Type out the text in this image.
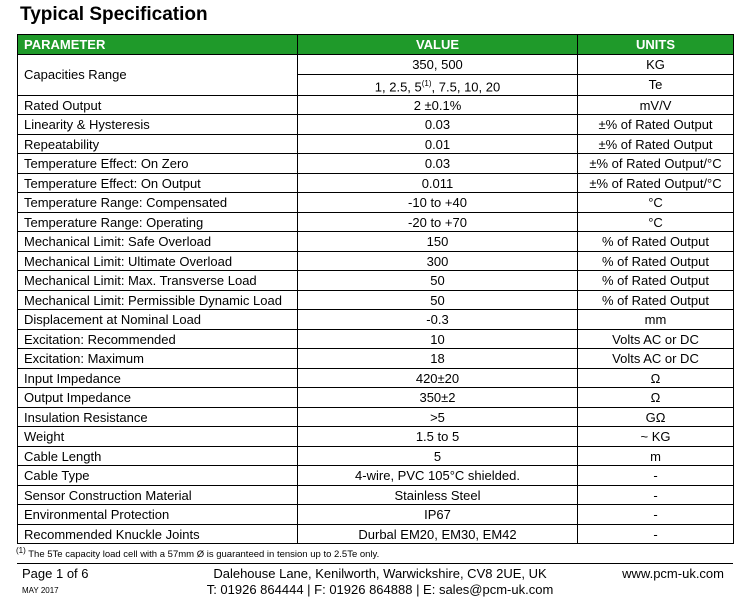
Typical Specification
PARAMETER	VALUE	UNITS
Capacities Range	350, 500	KG
	1, 2.5, 5$^{(1)}$, 7.5, 10, 20	Te
Rated Output	2 ±0.1%	mV/V
Linearity & Hysteresis	0.03	±% of Rated Output
Repeatability	0.01	±% of Rated Output
Temperature Effect: On Zero	0.03	±% of Rated Output/°C
Temperature Effect: On Output	0.011	±% of Rated Output/°C
Temperature Range: Compensated	-10 to +40	°C
Temperature Range: Operating	-20 to +70	°C
Mechanical Limit: Safe Overload	150	% of Rated Output
Mechanical Limit: Ultimate Overload	300	% of Rated Output
Mechanical Limit: Max. Transverse Load	50	% of Rated Output
Mechanical Limit: Permissible Dynamic Load	50	% of Rated Output
Displacement at Nominal Load	-0.3	mm
Excitation: Recommended	10	Volts AC or DC
Excitation: Maximum	18	Volts AC or DC
Input Impedance	420±20	Ω
Output Impedance	350±2	Ω
Insulation Resistance	>5	GΩ
Weight	1.5 to 5	~ KG
Cable Length	5	m
Cable Type	4-wire, PVC 105°C shielded.	-
Sensor Construction Material	Stainless Steel	-
Environmental Protection	IP67	-
Recommended Knuckle Joints	Durbal EM20, EM30, EM42	-
$^{(1)}$ The 5Te capacity load cell with a 57mm Ø is guaranteed in tension up to 2.5Te only.
Page 1 of 6
MAY 2017
Dalehouse Lane, Kenilworth, Warwickshire, CV8 2UE, UK
T: 01926 864444 | F: 01926 864888 | E: sales@pcm-uk.com
www.pcm-uk.com
